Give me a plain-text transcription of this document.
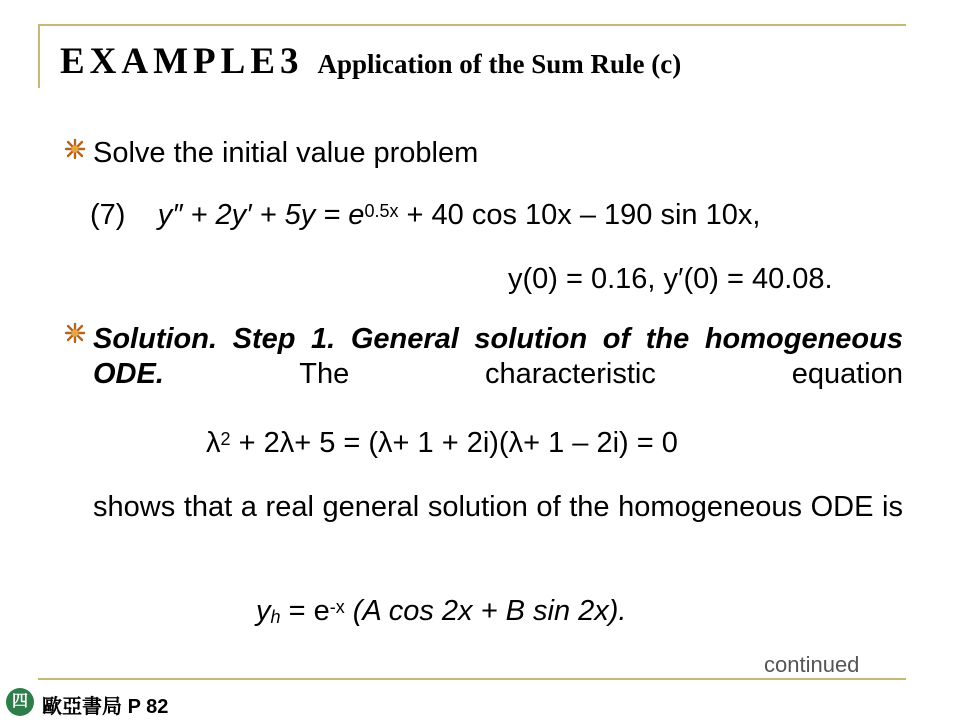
EXAMPLE3 Application of the Sum Rule (c)
Solve the initial value problem
(7) $y'' + 2y' + 5y = e^{0.5x} + 40$ cos 10x – 190 sin 10x,
y(0) = 0.16, y′(0) = 40.08.
Solution. Step 1. General solution of the homogeneous ODE.	The characteristic equation
$\lambda^2 + 2\lambda+ 5 = (\lambda+ 1 + 2i)(\lambda+ 1 - 2i) = 0$
shows that a real general solution of the homogeneous ODE is
$y_h = e^{-x}$ (A cos 2x + B sin 2x).
continued
四 歐亞書局 P 82
